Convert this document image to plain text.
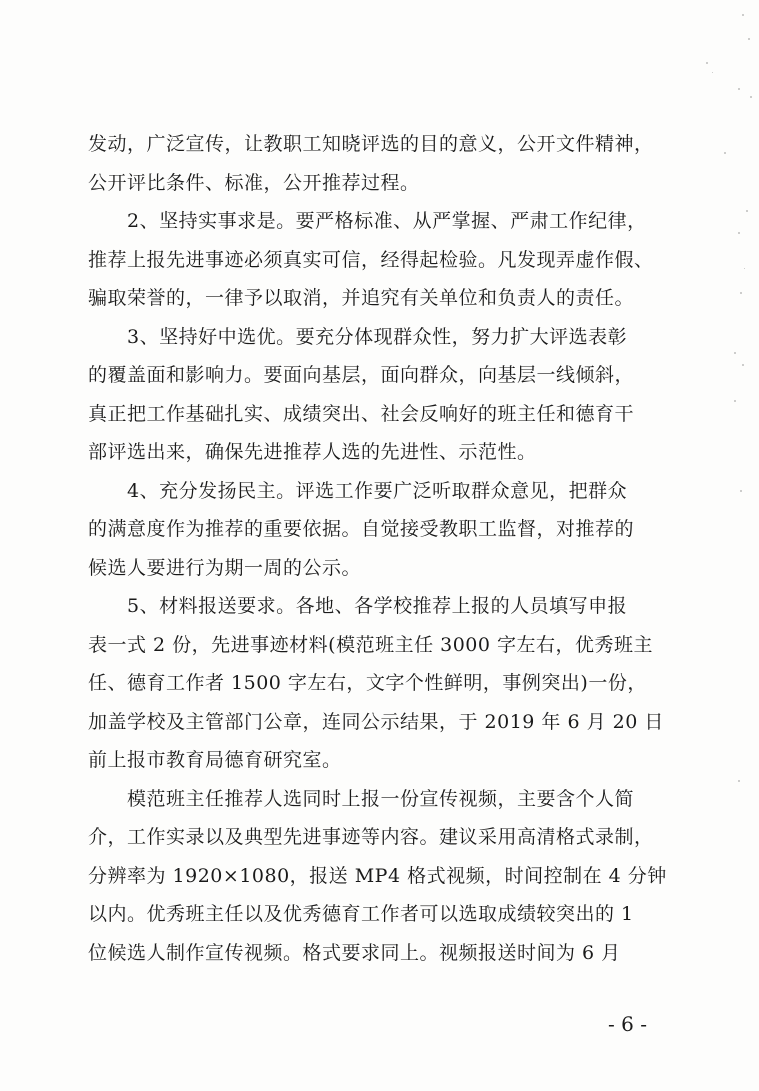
发动，广泛宣传，让教职工知晓评选的目的意义，公开文件精神，
公开评比条件、标准，公开推荐过程。
　　2、坚持实事求是。要严格标准、从严掌握、严肃工作纪律，
推荐上报先进事迹必须真实可信，经得起检验。凡发现弄虚作假、
骗取荣誉的，一律予以取消，并追究有关单位和负责人的责任。
　　3、坚持好中选优。要充分体现群众性，努力扩大评选表彰
的覆盖面和影响力。要面向基层，面向群众，向基层一线倾斜，
真正把工作基础扎实、成绩突出、社会反响好的班主任和德育干
部评选出来，确保先进推荐人选的先进性、示范性。
　　4、充分发扬民主。评选工作要广泛听取群众意见，把群众
的满意度作为推荐的重要依据。自觉接受教职工监督，对推荐的
候选人要进行为期一周的公示。
　　5、材料报送要求。各地、各学校推荐上报的人员填写申报
表一式 2 份，先进事迹材料(模范班主任 3000 字左右，优秀班主
任、德育工作者 1500 字左右，文字个性鲜明，事例突出)一份，
加盖学校及主管部门公章，连同公示结果，于 2019 年 6 月 20 日
前上报市教育局德育研究室。
　　模范班主任推荐人选同时上报一份宣传视频，主要含个人简
介，工作实录以及典型先进事迹等内容。建议采用高清格式录制，
分辨率为 1920×1080，报送 MP4 格式视频，时间控制在 4 分钟
以内。优秀班主任以及优秀德育工作者可以选取成绩较突出的 1
位候选人制作宣传视频。格式要求同上。视频报送时间为 6 月
- 6 -
